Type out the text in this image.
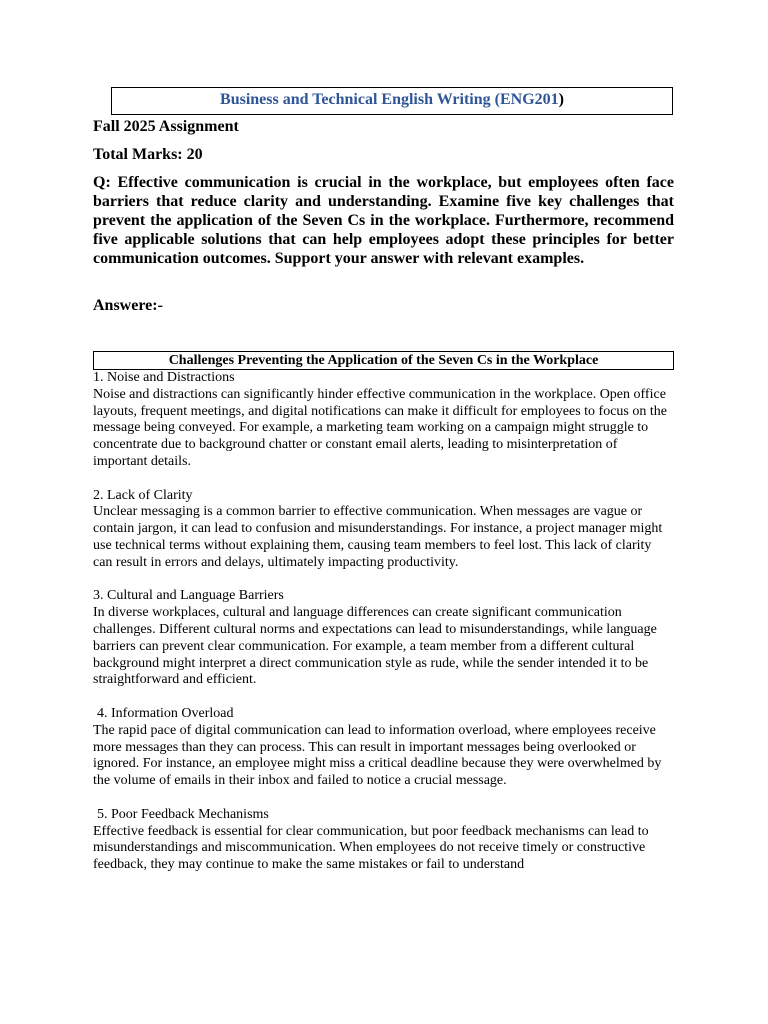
Business and Technical English Writing (ENG201)

Fall 2025 Assignment

Total Marks: 20

Q: Effective communication is crucial in the workplace, but employees often face barriers that reduce clarity and understanding. Examine five key challenges that prevent the application of the Seven Cs in the workplace. Furthermore, recommend five applicable solutions that can help employees adopt these principles for better communication outcomes. Support your answer with relevant examples.

Answere:-

Challenges Preventing the Application of the Seven Cs in the Workplace

1. Noise and Distractions

Noise and distractions can significantly hinder effective communication in the workplace. Open office layouts, frequent meetings, and digital notifications can make it difficult for employees to focus on the message being conveyed. For example, a marketing team working on a campaign might struggle to concentrate due to background chatter or constant email alerts, leading to misinterpretation of important details.

2. Lack of Clarity

Unclear messaging is a common barrier to effective communication. When messages are vague or contain jargon, it can lead to confusion and misunderstandings. For instance, a project manager might use technical terms without explaining them, causing team members to feel lost. This lack of clarity can result in errors and delays, ultimately impacting productivity.

3. Cultural and Language Barriers

In diverse workplaces, cultural and language differences can create significant communication challenges. Different cultural norms and expectations can lead to misunderstandings, while language barriers can prevent clear communication. For example, a team member from a different cultural background might interpret a direct communication style as rude, while the sender intended it to be straightforward and efficient.

4. Information Overload

The rapid pace of digital communication can lead to information overload, where employees receive more messages than they can process. This can result in important messages being overlooked or ignored. For instance, an employee might miss a critical deadline because they were overwhelmed by the volume of emails in their inbox and failed to notice a crucial message.

5. Poor Feedback Mechanisms

Effective feedback is essential for clear communication, but poor feedback mechanisms can lead to misunderstandings and miscommunication. When employees do not receive timely or constructive feedback, they may continue to make the same mistakes or fail to understand
